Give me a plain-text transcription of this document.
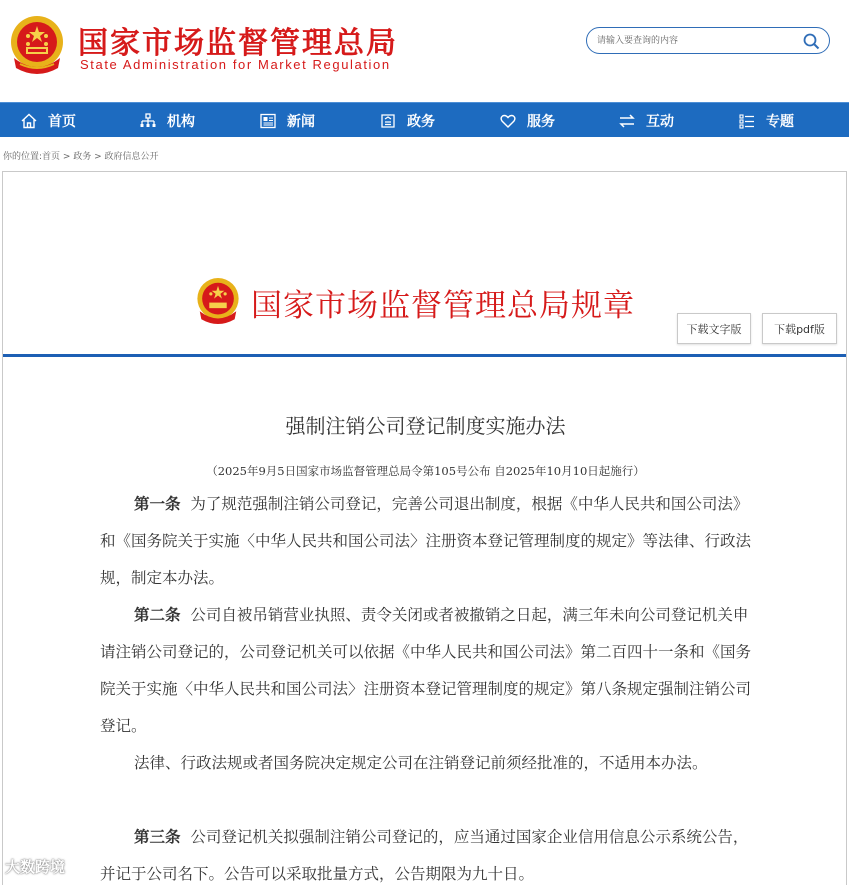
国家市场监督管理总局
State Administration for Market Regulation
请输入要查询的内容
首页	机构	新闻	政务	服务	互动	专题
你的位置:首页 > 政务 > 政府信息公开
国家市场监督管理总局规章
下载文字版	下载pdf版
强制注销公司登记制度实施办法
（2025年9月5日国家市场监督管理总局令第105号公布 自2025年10月10日起施行）
第一条 为了规范强制注销公司登记，完善公司退出制度，根据《中华人民共和国公司法》和《国务院关于实施〈中华人民共和国公司法〉注册资本登记管理制度的规定》等法律、行政法规，制定本办法。
第二条 公司自被吊销营业执照、责令关闭或者被撤销之日起，满三年未向公司登记机关申请注销公司登记的，公司登记机关可以依据《中华人民共和国公司法》第二百四十一条和《国务院关于实施〈中华人民共和国公司法〉注册资本登记管理制度的规定》第八条规定强制注销公司登记。
法律、行政法规或者国务院决定规定公司在注销登记前须经批准的，不适用本办法。
第三条 公司登记机关拟强制注销公司登记的，应当通过国家企业信用信息公示系统公告，并记于公司名下。公告可以采取批量方式，公告期限为九十日。
大数跨境
